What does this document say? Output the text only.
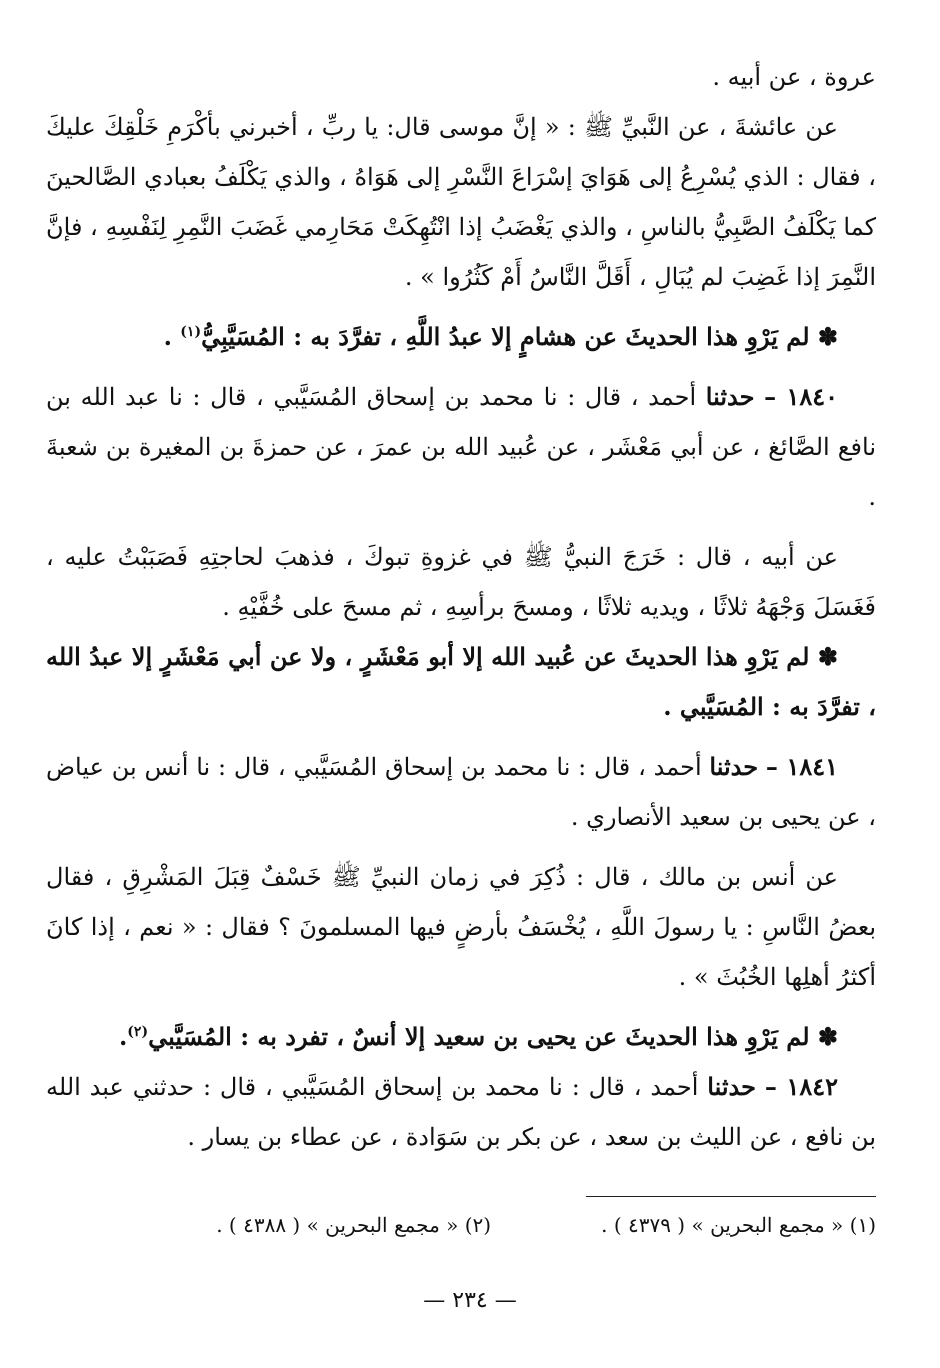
عروة ، عن أبيه .

عن عائشةَ ، عن النَّبيِّ ﷺ : « إنَّ موسى قال: يا ربِّ ، أخبرني بأكْرَمِ خَلْقِكَ عليكَ ، فقال : الذي يُسْرِعُ إلى هَوَايَ إسْرَاعَ النَّسْرِ إلى هَوَاهُ ، والذي يَكْلَفُ بعبادي الصَّالحينَ كما يَكْلَفُ الصَّبِيُّ بالناسِ ، والذي يَغْضَبُ إذا انْتُهِكَتْ مَحَارِمي غَضَبَ النَّمِرِ لِنَفْسِهِ ، فإنَّ النَّمِرَ إذا غَضِبَ لم يُبَالِ ، أَقَلَّ النَّاسُ أَمْ كَثُرُوا » .

✽ لم يَرْوِ هذا الحديثَ عن هشامٍ إلا عبدُ اللَّهِ ، تفرَّدَ به : المُسَيَّبِيُّ$^{(١)}$ .

١٨٤٠ – حدثنا أحمد ، قال : نا محمد بن إسحاق المُسَيَّبي ، قال : نا عبد الله بن نافع الصَّائغ ، عن أبي مَعْشَر ، عن عُبيد الله بن عمرَ ، عن حمزةَ بن المغيرة بن شعبةَ .

عن أبيه ، قال : خَرَجَ النبيُّ ﷺ في غزوةِ تبوكَ ، فذهبَ لحاجتِهِ فَصَبَبْتُ عليه ، فَغَسَلَ وَجْهَهُ ثلاثًا ، ويديه ثلاثًا ، ومسحَ برأسِهِ ، ثم مسحَ على خُفَّيْهِ .

✽ لم يَرْوِ هذا الحديثَ عن عُبيد الله إلا أبو مَعْشَرٍ ، ولا عن أبي مَعْشَرٍ إلا عبدُ الله ، تفرَّدَ به : المُسَيَّبي .

١٨٤١ – حدثنا أحمد ، قال : نا محمد بن إسحاق المُسَيَّبي ، قال : نا أنس بن عياض ، عن يحيى بن سعيد الأنصاري .

عن أنس بن مالك ، قال : ذُكِرَ في زمان النبيِّ ﷺ خَسْفٌ قِبَلَ المَشْرِقِ ، فقال بعضُ النَّاسِ : يا رسولَ اللَّهِ ، يُخْسَفُ بأرضٍ فيها المسلمونَ ؟ فقال : « نعم ، إذا كانَ أكثرُ أهلِها الخُبُثَ » .

✽ لم يَرْوِ هذا الحديثَ عن يحيى بن سعيد إلا أنسٌ ، تفرد به : المُسَيَّبي$^{(٢)}$.

١٨٤٢ – حدثنا أحمد ، قال : نا محمد بن إسحاق المُسَيَّبي ، قال : حدثني عبد الله بن نافع ، عن الليث بن سعد ، عن بكر بن سَوَادة ، عن عطاء بن يسار .

(١) « مجمع البحرين » ( ٤٣٧٩ ) .
(٢) « مجمع البحرين » ( ٤٣٨٨ ) .
— ٢٣٤ —
